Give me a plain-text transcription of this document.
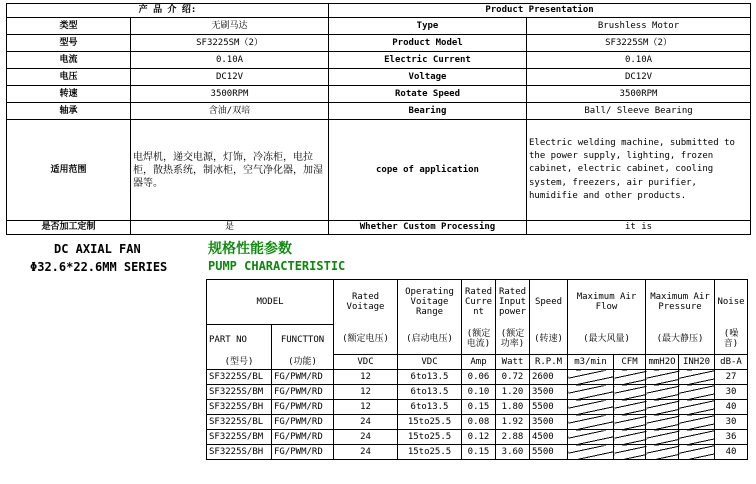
产 品 介 绍:		Product Presentation	
类型	无刷马达	Type	Brushless Motor
型号	SF3225SM（2）	Product Model	SF3225SM（2）
电流	0.10A	Electric Current	0.10A
电压	DC12V	Voltage	DC12V
转速	3500RPM	Rotate Speed	3500RPM
轴承	含油/双培	Bearing	Ball/ Sleeve Bearing
适用范围	电焊机，递交电源，灯饰，冷冻柜，电拉柜，散热系统，制冰柜，空气净化器，加湿器等。	cope of application	Electric welding machine, submitted to the power supply, lighting, frozen cabinet, electric cabinet, cooling system, freezers, air purifier, humidifie and other products.
是否加工定制	是	Whether Custom Processing	it is
DC AXIAL FAN
Φ32.6*22.6MM SERIES
规格性能参数
PUMP CHARACTERISTIC
MODEL		Rated Voitage	Operating Voitage Range	Rated Curre nt	Rated Input power	Speed	Maximum Air Flow		Maximum Air Pressure		Noise
PART NO	FUNCTTON	(额定电压)	(启动电压)	(额定电流)	(额定功率)	(转速)	(最大风量)		(最大静压)		(噪音)
(型号)	(功能)	VDC	VDC	Amp	Watt	R.P.M	m3/min	CFM	mmH2O	INH20	dB-A
SF3225S/BL	FG/PWM/RD	12	6to13.5	0.06	0.72	2600					27
SF3225S/BM	FG/PWM/RD	12	6to13.5	0.10	1.20	3500					30
SF3225S/BH	FG/PWM/RD	12	6to13.5	0.15	1.80	5500					40
SF3225S/BL	FG/PWM/RD	24	15to25.5	0.08	1.92	3500					30
SF3225S/BM	FG/PWM/RD	24	15to25.5	0.12	2.88	4500					36
SF3225S/BH	FG/PWM/RD	24	15to25.5	0.15	3.60	5500					40
